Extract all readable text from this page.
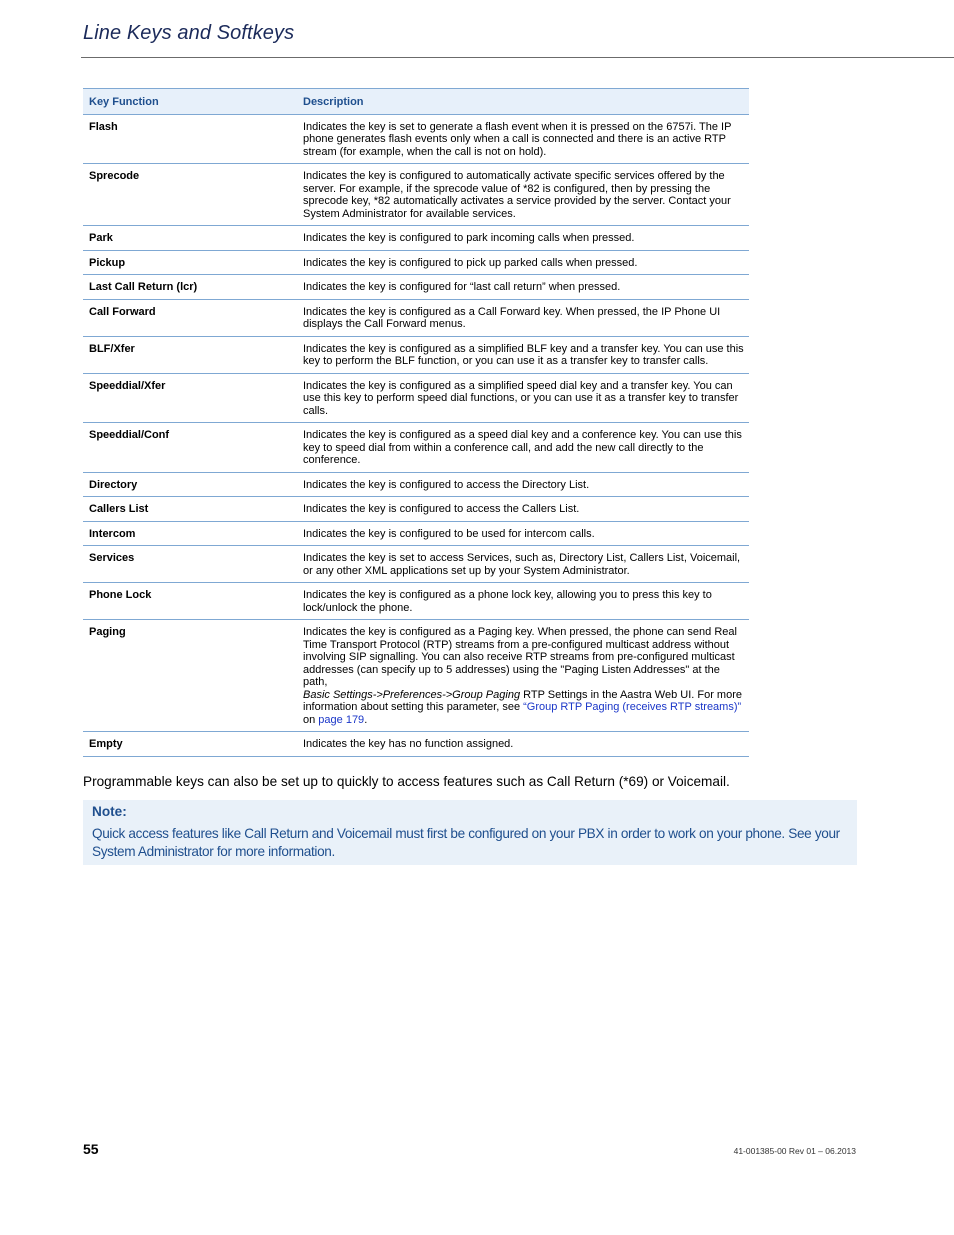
Line Keys and Softkeys
Key Function	Description
Flash	Indicates the key is set to generate a flash event when it is pressed on the 6757i. The IP phone generates flash events only when a call is connected and there is an active RTP stream (for example, when the call is not on hold).
Sprecode	Indicates the key is configured to automatically activate specific services offered by the server. For example, if the sprecode value of *82 is configured, then by pressing the sprecode key, *82 automatically activates a service provided by the server. Contact your System Administrator for available services.
Park	Indicates the key is configured to park incoming calls when pressed.
Pickup	Indicates the key is configured to pick up parked calls when pressed.
Last Call Return (lcr)	Indicates the key is configured for “last call return” when pressed.
Call Forward	Indicates the key is configured as a Call Forward key. When pressed, the IP Phone UI displays the Call Forward menus.
BLF/Xfer	Indicates the key is configured as a simplified BLF key and a transfer key. You can use this key to perform the BLF function, or you can use it as a transfer key to transfer calls.
Speeddial/Xfer	Indicates the key is configured as a simplified speed dial key and a transfer key. You can use this key to perform speed dial functions, or you can use it as a transfer key to transfer calls.
Speeddial/Conf	Indicates the key is configured as a speed dial key and a conference key. You can use this key to speed dial from within a conference call, and add the new call directly to the conference.
Directory	Indicates the key is configured to access the Directory List.
Callers List	Indicates the key is configured to access the Callers List.
Intercom	Indicates the key is configured to be used for intercom calls.
Services	Indicates the key is set to access Services, such as, Directory List, Callers List, Voicemail, or any other XML applications set up by your System Administrator.
Phone Lock	Indicates the key is configured as a phone lock key, allowing you to press this key to lock/unlock the phone.
Paging	Indicates the key is configured as a Paging key. When pressed, the phone can send Real Time Transport Protocol (RTP) streams from a pre-configured multicast address without involving SIP signalling. You can also receive RTP streams from pre-configured multicast addresses (can specify up to 5 addresses) using the "Paging Listen Addresses" at the path,
Basic Settings->Preferences->Group Paging RTP Settings in the Aastra Web UI. For more information about setting this parameter, see “Group RTP Paging (receives RTP streams)” on page 179.
Empty	Indicates the key has no function assigned.
Programmable keys can also be set up to quickly to access features such as Call Return (*69) or Voicemail.
Note:
Quick access features like Call Return and Voicemail must first be configured on your PBX in order to work on your phone. See your System Administrator for more information.
55	41-001385-00 Rev 01 – 06.2013
